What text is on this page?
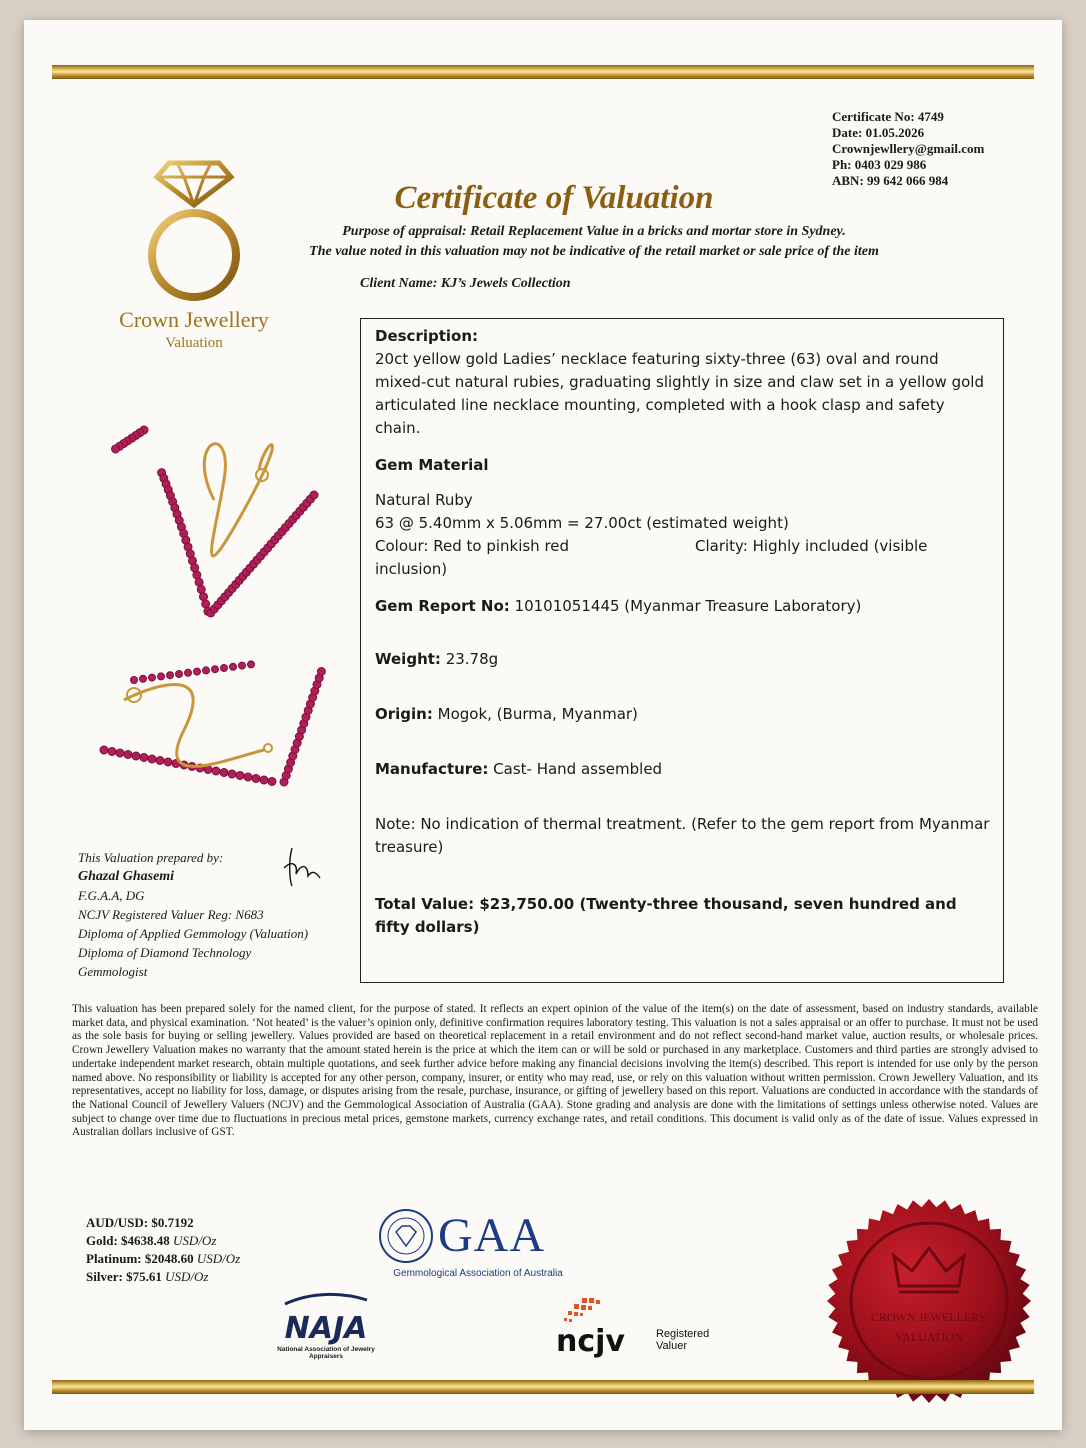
Certificate No: 4749
Date: 01.05.2026
Crownjewllery@gmail.com
Ph: 0403 029 986
ABN: 99 642 066 984
Crown Jewellery
Valuation
Certificate of Valuation
Purpose of appraisal: Retail Replacement Value in a bricks and mortar store in Sydney.
The value noted in this valuation may not be indicative of the retail market or sale price of the item
Client Name: KJ’s Jewels Collection
Description:
20ct yellow gold Ladies’ necklace featuring sixty-three (63) oval and round mixed-cut natural rubies, graduating slightly in size and claw set in a yellow gold articulated line necklace mounting, completed with a hook clasp and safety chain.
Gem Material
Natural Ruby
63 @ 5.40mm x 5.06mm = 27.00ct (estimated weight)
Colour: Red to pinkish red	Clarity: Highly included (visible
inclusion)
Gem Report No: 10101051445 (Myanmar Treasure Laboratory)
Weight: 23.78g
Origin: Mogok, (Burma, Myanmar)
Manufacture: Cast- Hand assembled
Note: No indication of thermal treatment. (Refer to the gem report from Myanmar treasure)
Total Value: $23,750.00 (Twenty-three thousand, seven hundred and fifty dollars)
This Valuation prepared by:
Ghazal Ghasemi
F.G.A.A, DG
NCJV Registered Valuer Reg: N683
Diploma of Applied Gemmology (Valuation)
Diploma of Diamond Technology
Gemmologist
This valuation has been prepared solely for the named client, for the purpose of stated. It reflects an expert opinion of the value of the item(s) on the date of assessment, based on industry standards, available market data, and physical examination. ‘Not heated’ is the valuer’s opinion only, definitive confirmation requires laboratory testing. This valuation is not a sales appraisal or an offer to purchase. It must not be used as the sole basis for buying or selling jewellery. Values provided are based on theoretical replacement in a retail environment and do not reflect second-hand market value, auction results, or wholesale prices. Crown Jewellery Valuation makes no warranty that the amount stated herein is the price at which the item can or will be sold or purchased in any marketplace. Customers and third parties are strongly advised to undertake independent market research, obtain multiple quotations, and seek further advice before making any financial decisions involving the item(s) described. This report is intended for use only by the person named above. No responsibility or liability is accepted for any other person, company, insurer, or entity who may read, use, or rely on this valuation without written permission. Crown Jewellery Valuation, and its representatives, accept no liability for loss, damage, or disputes arising from the resale, purchase, insurance, or gifting of jewellery based on this report. Valuations are conducted in accordance with the standards of the National Council of Jewellery Valuers (NCJV) and the Gemmological Association of Australia (GAA). Stone grading and analysis are done with the limitations of settings unless otherwise noted. Values are subject to change over time due to fluctuations in precious metal prices, gemstone markets, currency exchange rates, and retail conditions. This document is valid only as of the date of issue. Values expressed in Australian dollars inclusive of GST.
AUD/USD: $0.7192
Gold: $4638.48 USD/Oz
Platinum: $2048.60 USD/Oz
Silver: $75.61 USD/Oz
GAA
Gemmological Association of Australia
NAJA
National Association of Jewelry Appraisers	ncjv	Registered
Valuer
CROWN JEWELLERY
VALUATION
